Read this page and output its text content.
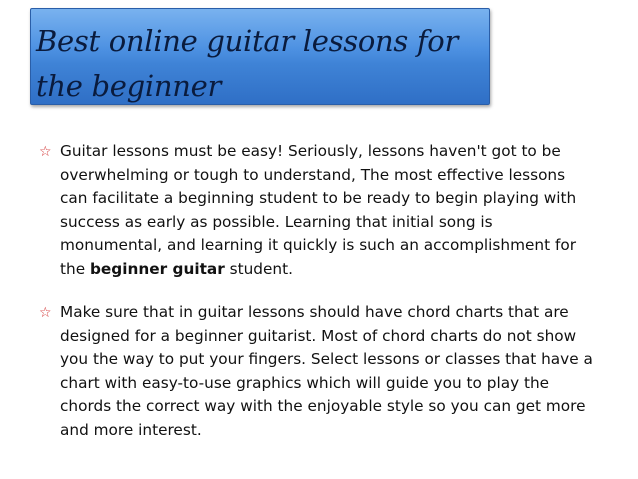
Best online guitar lessons for the beginner
☆ Guitar lessons must be easy! Seriously, lessons haven't got to be overwhelming or tough to understand, The most effective lessons can facilitate a beginning student to be ready to begin playing with success as early as possible. Learning that initial song is monumental, and learning it quickly is such an accomplishment for the beginner guitar student.
☆ Make sure that in guitar lessons should have chord charts that are designed for a beginner guitarist. Most of chord charts do not show you the way to put your fingers. Select lessons or classes that have a chart with easy-to-use graphics which will guide you to play the chords the correct way with the enjoyable style so you can get more and more interest.
